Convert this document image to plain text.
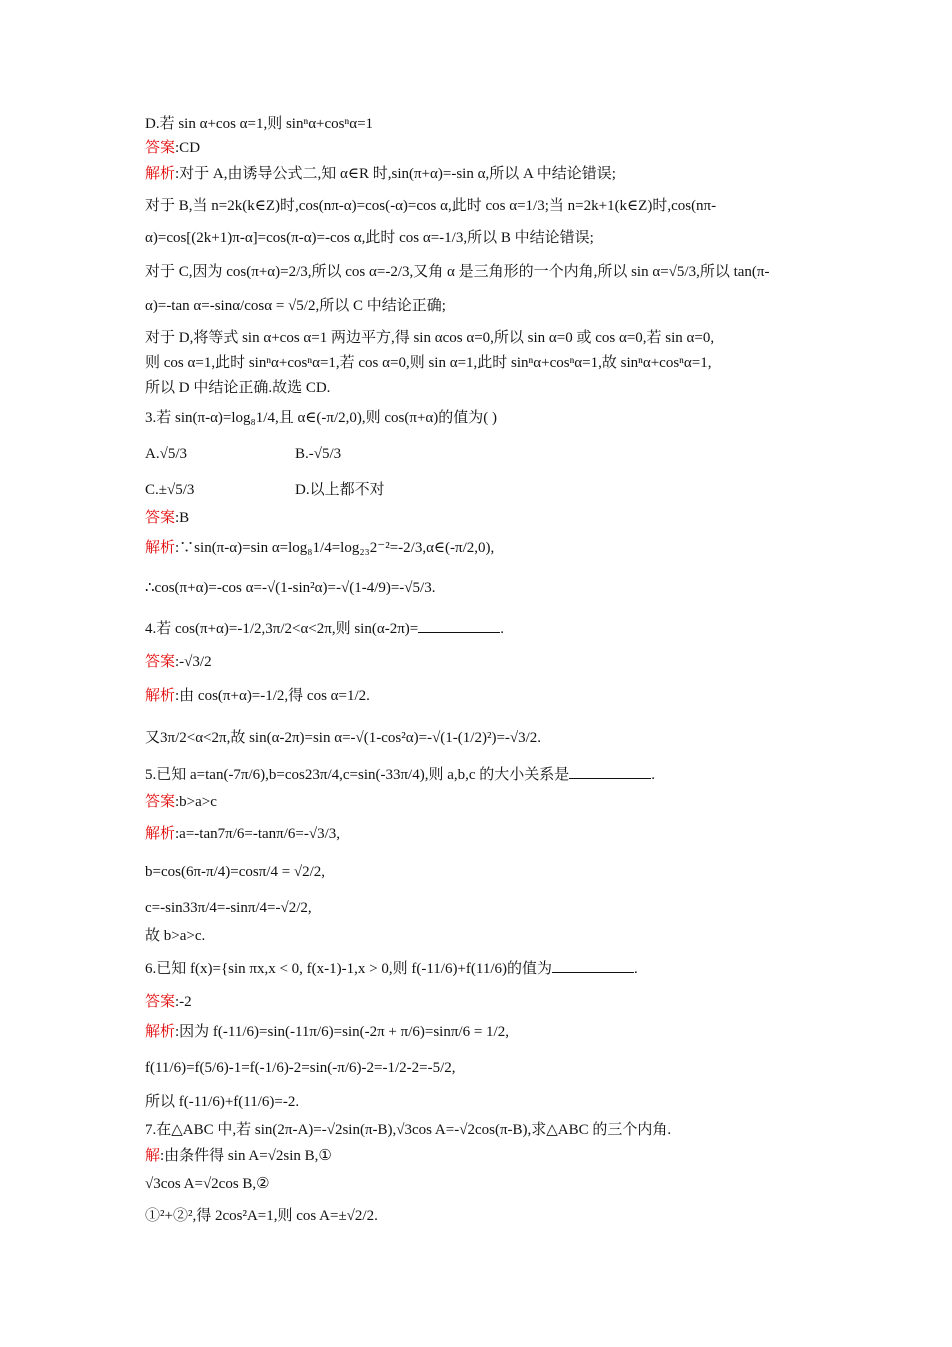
D.若 sin α+cos α=1,则 sinⁿα+cosⁿα=1
答案:CD
解析:对于 A,由诱导公式二,知 α∈R 时,sin(π+α)=-sin α,所以 A 中结论错误;
对于 B,当 n=2k(k∈Z)时,cos(nπ-α)=cos(-α)=cos α,此时 cos α=1/3;当 n=2k+1(k∈Z)时,cos(nπ-
α)=cos[(2k+1)π-α]=cos(π-α)=-cos α,此时 cos α=-1/3,所以 B 中结论错误;
对于 C,因为 cos(π+α)=2/3,所以 cos α=-2/3,又角 α 是三角形的一个内角,所以 sin α=√5/3,所以 tan(π-
α)=-tan α=-sinα/cosα = √5/2,所以 C 中结论正确;
对于 D,将等式 sin α+cos α=1 两边平方,得 sin αcos α=0,所以 sin α=0 或 cos α=0,若 sin α=0,
则 cos α=1,此时 sinⁿα+cosⁿα=1,若 cos α=0,则 sin α=1,此时 sinⁿα+cosⁿα=1,故 sinⁿα+cosⁿα=1,
所以 D 中结论正确.故选 CD.
3.若 sin(π-α)=log₈1/4,且 α∈(-π/2,0),则 cos(π+α)的值为( )
A.√5/3	B.-√5/3
C.±√5/3	D.以上都不对
答案:B
解析:∵sin(π-α)=sin α=log₈1/4=log₂₃2⁻²=-2/3,α∈(-π/2,0),
∴cos(π+α)=-cos α=-√(1-sin²α)=-√(1-4/9)=-√5/3.
4.若 cos(π+α)=-1/2,3π/2<α<2π,则 sin(α-2π)=	.
答案:-√3/2
解析:由 cos(π+α)=-1/2,得 cos α=1/2.
又3π/2<α<2π,故 sin(α-2π)=sin α=-√(1-cos²α)=-√(1-(1/2)²)=-√3/2.
5.已知 a=tan(-7π/6),b=cos23π/4,c=sin(-33π/4),则 a,b,c 的大小关系是	.
答案:b>a>c
解析:a=-tan7π/6=-tanπ/6=-√3/3,
b=cos(6π-π/4)=cosπ/4 = √2/2,
c=-sin33π/4=-sinπ/4=-√2/2,
故 b>a>c.
6.已知 f(x)={sin πx,x < 0, f(x-1)-1,x > 0,则 f(-11/6)+f(11/6)的值为	.
答案:-2
解析:因为 f(-11/6)=sin(-11π/6)=sin(-2π + π/6)=sinπ/6 = 1/2,
f(11/6)=f(5/6)-1=f(-1/6)-2=sin(-π/6)-2=-1/2-2=-5/2,
所以 f(-11/6)+f(11/6)=-2.
7.在△ABC 中,若 sin(2π-A)=-√2sin(π-B),√3cos A=-√2cos(π-B),求△ABC 的三个内角.
解:由条件得 sin A=√2sin B,①
√3cos A=√2cos B,②
①²+②²,得 2cos²A=1,则 cos A=±√2/2.
